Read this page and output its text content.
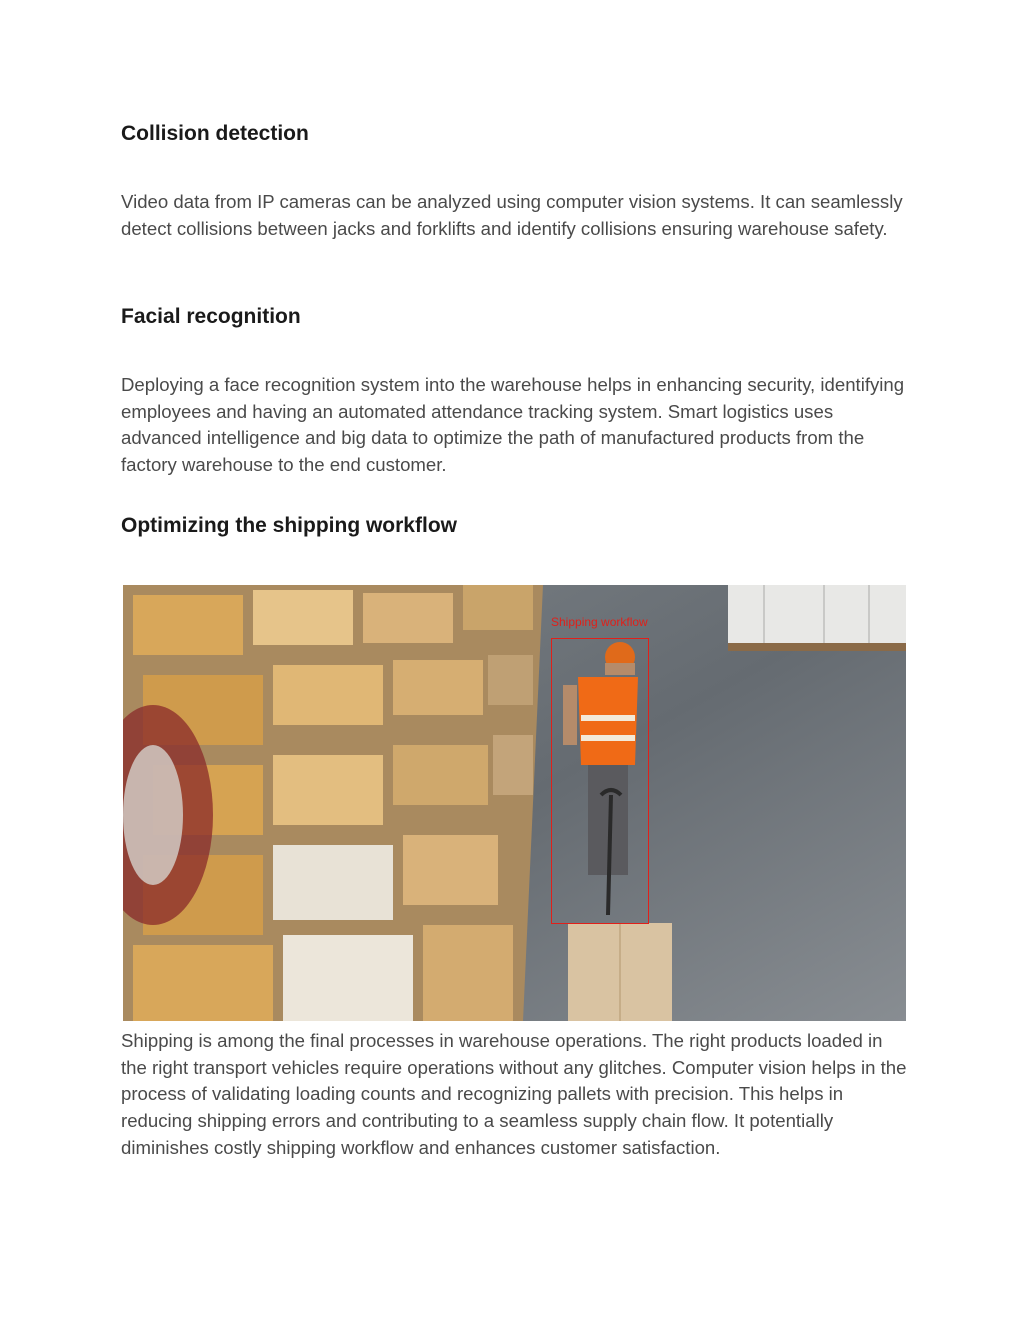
Collision detection

Video data from IP cameras can be analyzed using computer vision systems. It can seamlessly detect collisions between jacks and forklifts and identify collisions ensuring warehouse safety.

Facial recognition

Deploying a face recognition system into the warehouse helps in enhancing security, identifying employees and having an automated attendance tracking system. Smart logistics uses advanced intelligence and big data to optimize the path of manufactured products from the factory warehouse to the end customer.

Optimizing the shipping workflow
Shipping workflow

Shipping is among the final processes in warehouse operations. The right products loaded in the right transport vehicles require operations without any glitches. Computer vision helps in the process of validating loading counts and recognizing pallets with precision. This helps in reducing shipping errors and contributing to a seamless supply chain flow. It potentially diminishes costly shipping workflow and enhances customer satisfaction.
